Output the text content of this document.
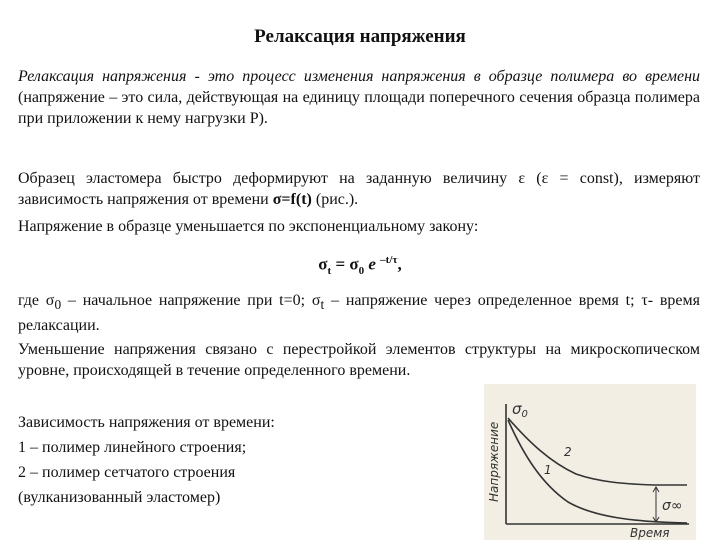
Релаксация напряжения
Релаксация напряжения - это процесс изменения напряжения в образце полимера во времени (напряжение – это сила, действующая на единицу площади поперечного сечения образца полимера при приложении к нему нагрузки Р).
Образец эластомера быстро деформируют на заданную величину ε (ε = const), измеряют зависимость напряжения от времени σ=f(t) (рис.).
Напряжение в образце уменьшается по экспоненциальному закону:
$\sigma_t = \sigma_0$ e $^{-t/\tau}$,
где $\sigma_0$ – начальное напряжение при t=0; $\sigma_t$ – напряжение через определенное время t; τ- время релаксации.
Уменьшение напряжения связано с перестройкой элементов структуры на микроскопическом уровне, происходящей в течение определенного времени.
Зависимость напряжения от времени:
1 – полимер линейного строения;
2 – полимер сетчатого строения
(вулканизованный эластомер)
$\sigma_0$
2
1
σ∞
Напряжение
Время
